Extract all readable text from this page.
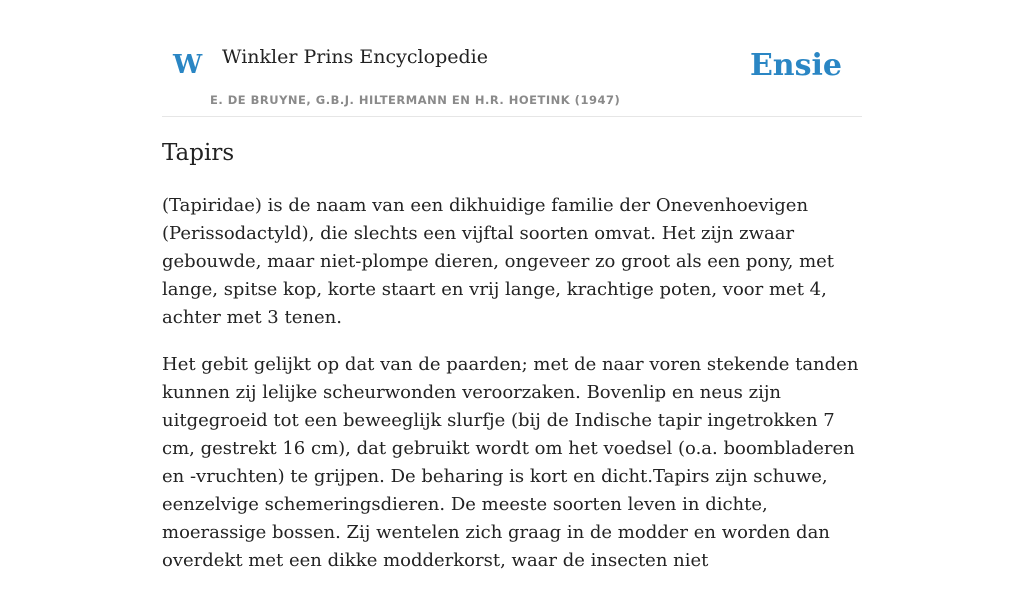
W Winkler Prins Encyclopedie
E. DE BRUYNE, G.B.J. HILTERMANN EN H.R. HOETINK (1947)
Ensie
Tapirs

(Tapiridae) is de naam van een dikhuidige familie der Onevenhoevigen (Perissodactyld), die slechts een vijftal soorten omvat. Het zijn zwaar gebouwde, maar niet-plompe dieren, ongeveer zo groot als een pony, met lange, spitse kop, korte staart en vrij lange, krachtige poten, voor met 4, achter met 3 tenen.

Het gebit gelijkt op dat van de paarden; met de naar voren stekende tanden kunnen zij lelijke scheurwonden veroorzaken. Bovenlip en neus zijn uitgegroeid tot een beweeglijk slurfje (bij de Indische tapir ingetrokken 7 cm, gestrekt 16 cm), dat gebruikt wordt om het voedsel (o.a. boombladeren en -vruchten) te grijpen. De beharing is kort en dicht.Tapirs zijn schuwe, eenzelvige schemeringsdieren. De meeste soorten leven in dichte, moerassige bossen. Zij wentelen zich graag in de modder en worden dan overdekt met een dikke modderkorst, waar de insecten niet
